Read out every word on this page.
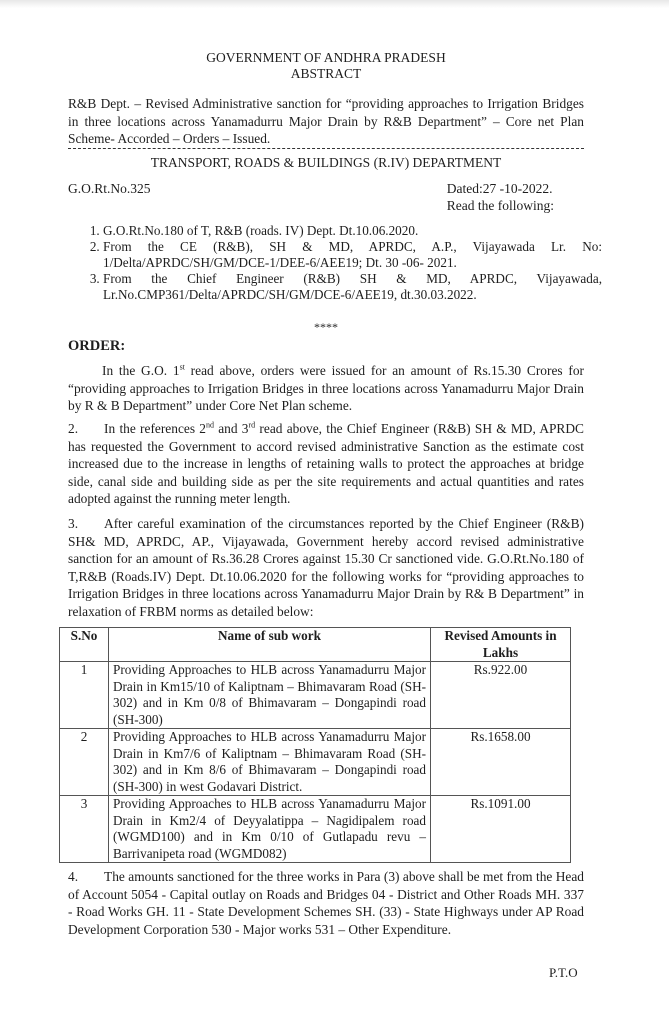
GOVERNMENT OF ANDHRA PRADESH
ABSTRACT
R&B Dept. – Revised Administrative sanction for “providing approaches to Irrigation Bridges in three locations across Yanamadurru Major Drain by R&B Department” – Core net Plan Scheme- Accorded – Orders – Issued.
TRANSPORT, ROADS & BUILDINGS (R.IV) DEPARTMENT
G.O.Rt.No.325	Dated:27 -10-2022.
Read the following:
1. G.O.Rt.No.180 of T, R&B (roads. IV) Dept. Dt.10.06.2020.
2. From the CE (R&B), SH & MD, APRDC, A.P., Vijayawada Lr. No: 1/Delta/APRDC/SH/GM/DCE-1/DEE-6/AEE19; Dt. 30 -06- 2021.
3. From the Chief Engineer (R&B) SH & MD, APRDC, Vijayawada, Lr.No.CMP361/Delta/APRDC/SH/GM/DCE-6/AEE19, dt.30.03.2022.
****
ORDER:
In the G.O. 1st read above, orders were issued for an amount of Rs.15.30 Crores for “providing approaches to Irrigation Bridges in three locations across Yanamadurru Major Drain by R & B Department” under Core Net Plan scheme.
2. In the references 2nd and 3rd read above, the Chief Engineer (R&B) SH & MD, APRDC has requested the Government to accord revised administrative Sanction as the estimate cost increased due to the increase in lengths of retaining walls to protect the approaches at bridge side, canal side and building side as per the site requirements and actual quantities and rates adopted against the running meter length.
3. After careful examination of the circumstances reported by the Chief Engineer (R&B) SH& MD, APRDC, AP., Vijayawada, Government hereby accord revised administrative sanction for an amount of Rs.36.28 Crores against 15.30 Cr sanctioned vide. G.O.Rt.No.180 of T,R&B (Roads.IV) Dept. Dt.10.06.2020 for the following works for “providing approaches to Irrigation Bridges in three locations across Yanamadurru Major Drain by R& B Department” in relaxation of FRBM norms as detailed below:
S.No	Name of sub work	Revised Amounts in Lakhs
1	Providing Approaches to HLB across Yanamadurru Major Drain in Km15/10 of Kaliptnam – Bhimavaram Road (SH-302) and in Km 0/8 of Bhimavaram – Dongapindi road (SH-300)	Rs.922.00
2	Providing Approaches to HLB across Yanamadurru Major Drain in Km7/6 of Kaliptnam – Bhimavaram Road (SH-302) and in Km 8/6 of Bhimavaram – Dongapindi road (SH-300) in west Godavari District.	Rs.1658.00
3	Providing Approaches to HLB across Yanamadurru Major Drain in Km2/4 of Deyyalatippa – Nagidipalem road (WGMD100) and in Km 0/10 of Gutlapadu revu – Barrivanipeta road (WGMD082)	Rs.1091.00
4. The amounts sanctioned for the three works in Para (3) above shall be met from the Head of Account 5054 - Capital outlay on Roads and Bridges 04 - District and Other Roads MH. 337 - Road Works GH. 11 - State Development Schemes SH. (33) - State Highways under AP Road Development Corporation 530 - Major works 531 – Other Expenditure.
P.T.O
